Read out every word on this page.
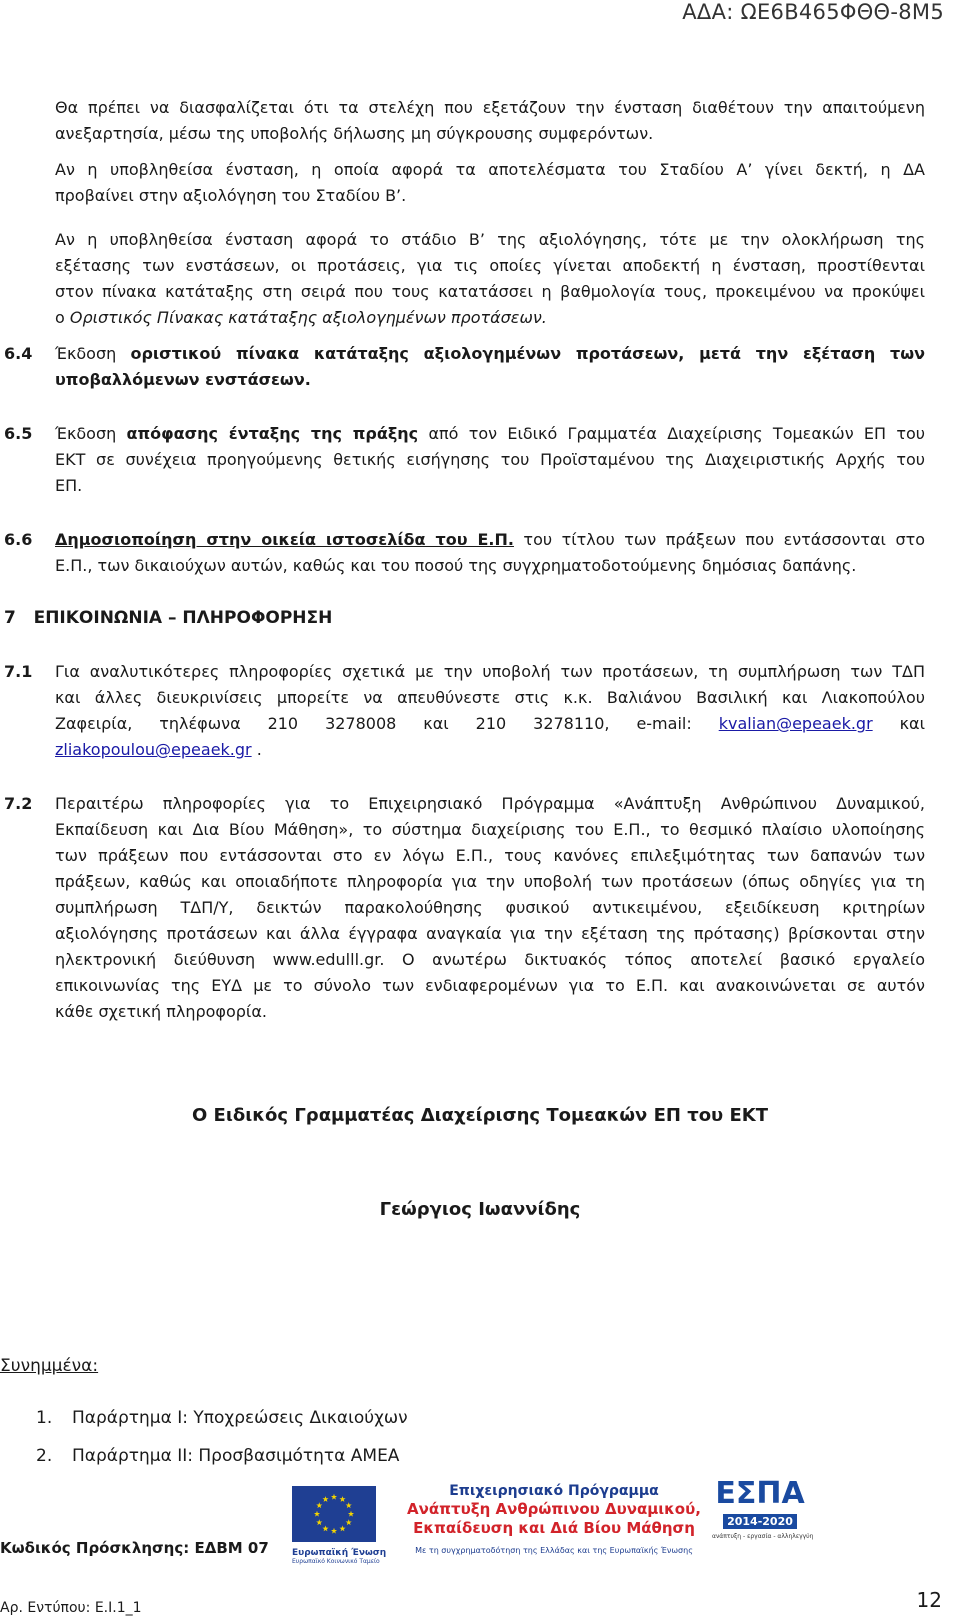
ΑΔΑ: ΩΕ6Β465ΦΘΘ-8Μ5
Θα πρέπει να διασφαλίζεται ότι τα στελέχη που εξετάζουν την ένσταση διαθέτουν την απαιτούμενη
ανεξαρτησία, μέσω της υποβολής δήλωσης μη σύγκρουσης συμφερόντων.
Αν η υποβληθείσα ένσταση, η οποία αφορά τα αποτελέσματα του Σταδίου Α’ γίνει δεκτή, η ΔΑ
προβαίνει στην αξιολόγηση του Σταδίου Β’.
Αν η υποβληθείσα ένσταση αφορά το στάδιο Β’ της αξιολόγησης, τότε με την ολοκλήρωση της
εξέτασης των ενστάσεων, οι προτάσεις, για τις οποίες γίνεται αποδεκτή η ένσταση, προστίθενται
στον πίνακα κατάταξης στη σειρά που τους κατατάσσει η βαθμολογία τους, προκειμένου να προκύψει
ο Οριστικός Πίνακας κατάταξης αξιολογημένων προτάσεων.
6.4 Έκδοση οριστικού πίνακα κατάταξης αξιολογημένων προτάσεων, μετά την εξέταση των
υποβαλλόμενων ενστάσεων.
6.5 Έκδοση απόφασης ένταξης της πράξης από τον Ειδικό Γραμματέα Διαχείρισης Τομεακών ΕΠ του
ΕΚΤ σε συνέχεια προηγούμενης θετικής εισήγησης του Προϊσταμένου της Διαχειριστικής Αρχής του
ΕΠ.
6.6 Δημοσιοποίηση στην οικεία ιστοσελίδα του Ε.Π. του τίτλου των πράξεων που εντάσσονται στο
Ε.Π., των δικαιούχων αυτών, καθώς και του ποσού της συγχρηματοδοτούμενης δημόσιας δαπάνης.
7   ΕΠΙΚΟΙΝΩΝΙΑ – ΠΛΗΡΟΦΟΡΗΣΗ
7.1 Για αναλυτικότερες πληροφορίες σχετικά με την υποβολή των προτάσεων, τη συμπλήρωση των ΤΔΠ
και άλλες διευκρινίσεις μπορείτε να απευθύνεστε στις κ.κ. Βαλιάνου Βασιλική και Λιακοπούλου
Ζαφειρία, τηλέφωνα 210 3278008 και 210 3278110, e-mail: kvalian@epeaek.gr και
zliakopoulou@epeaek.gr .
7.2 Περαιτέρω πληροφορίες για το Επιχειρησιακό Πρόγραμμα «Ανάπτυξη Ανθρώπινου Δυναμικού,
Εκπαίδευση και Δια Βίου Μάθηση», το σύστημα διαχείρισης του Ε.Π., το θεσμικό πλαίσιο υλοποίησης
των πράξεων που εντάσσονται στο εν λόγω Ε.Π., τους κανόνες επιλεξιμότητας των δαπανών των
πράξεων, καθώς και οποιαδήποτε πληροφορία για την υποβολή των προτάσεων (όπως οδηγίες για τη
συμπλήρωση ΤΔΠ/Υ, δεικτών παρακολούθησης φυσικού αντικειμένου, εξειδίκευση κριτηρίων
αξιολόγησης προτάσεων και άλλα έγγραφα αναγκαία για την εξέταση της πρότασης) βρίσκονται στην
ηλεκτρονική διεύθυνση www.edulll.gr. Ο ανωτέρω δικτυακός τόπος αποτελεί βασικό εργαλείο
επικοινωνίας της ΕΥΔ με το σύνολο των ενδιαφερομένων για το Ε.Π. και ανακοινώνεται σε αυτόν
κάθε σχετική πληροφορία.
Ο Ειδικός Γραμματέας Διαχείρισης Τομεακών ΕΠ του ΕΚΤ
Γεώργιος Ιωαννίδης
Συνημμένα:
1. Παράρτημα Ι: Υποχρεώσεις Δικαιούχων
2. Παράρτημα ΙΙ: Προσβασιμότητα ΑΜΕΑ
Κωδικός Πρόσκλησης: ΕΔΒΜ 07
Αρ. Εντύπου: Ε.Ι.1_1	12
Ευρωπαϊκή Ένωση
Ευρωπαϊκό Κοινωνικό Ταμείο
Επιχειρησιακό Πρόγραμμα
Ανάπτυξη Ανθρώπινου Δυναμικού,
Εκπαίδευση και Διά Βίου Μάθηση
Με τη συγχρηματοδότηση της Ελλάδας και της Ευρωπαϊκής Ένωσης
ΕΣΠΑ
2014-2020
ανάπτυξη - εργασία - αλληλεγγύη
